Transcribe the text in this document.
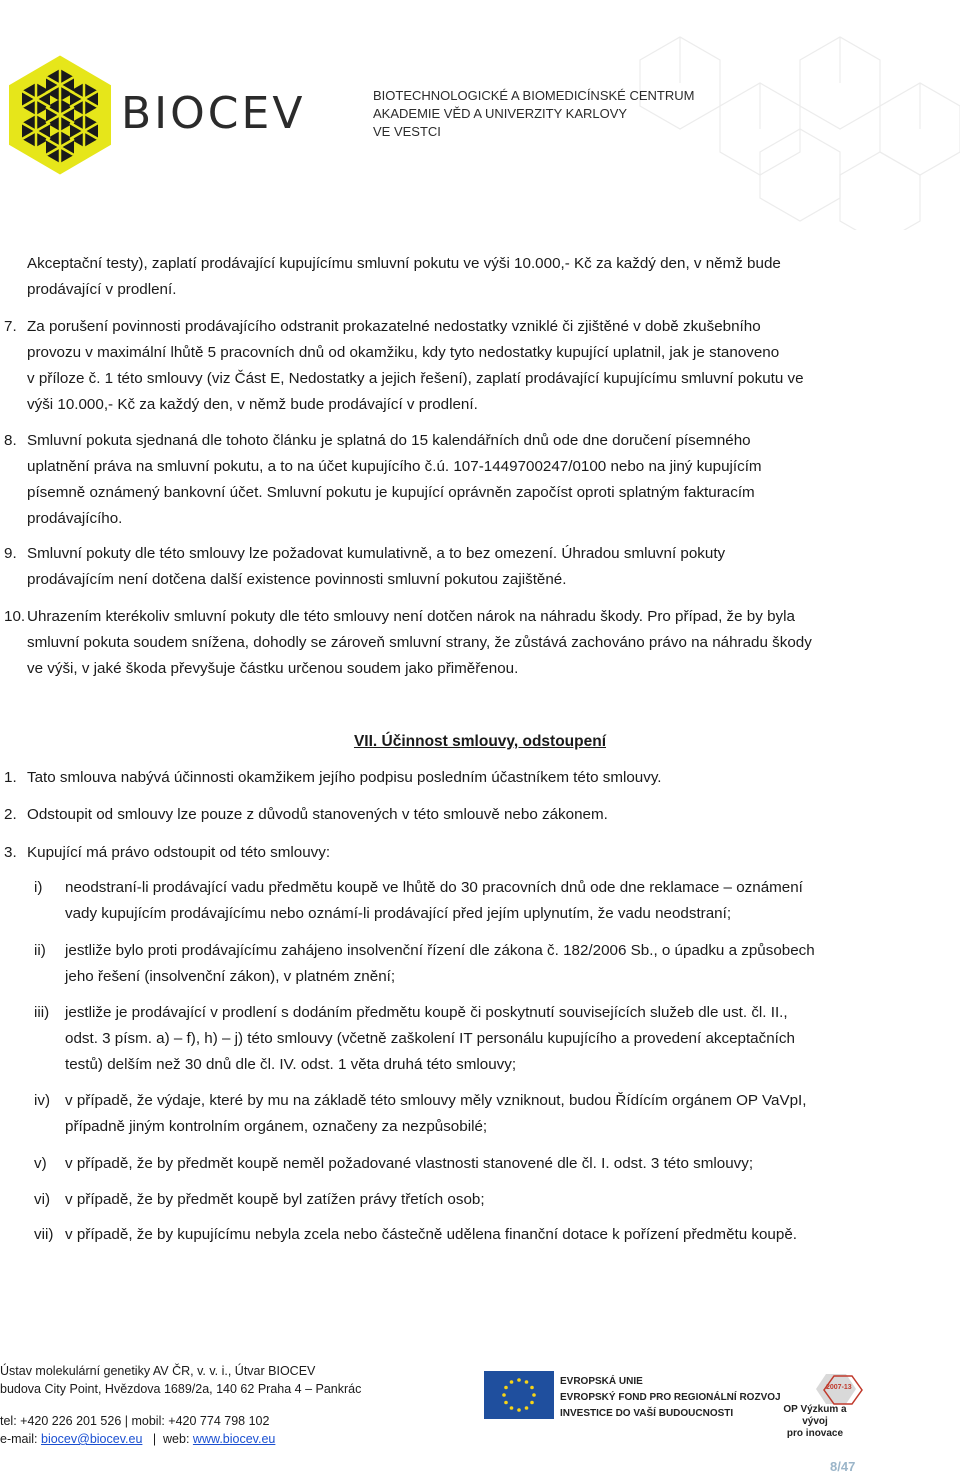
BIOCEV	BIOTECHNOLOGICKÉ A BIOMEDICÍNSKÉ CENTRUM
AKADEMIE VĚD A UNIVERZITY KARLOVY
VE VESTCI
Akceptační testy), zaplatí prodávající kupujícímu smluvní pokutu ve výši 10.000,- Kč za každý den, v němž bude
prodávající v prodlení.
7. Za porušení povinnosti prodávajícího odstranit prokazatelné nedostatky vzniklé či zjištěné v době zkušebního
provozu v maximální lhůtě 5 pracovních dnů od okamžiku, kdy tyto nedostatky kupující uplatnil, jak je stanoveno
v příloze č. 1 této smlouvy (viz Část E, Nedostatky a jejich řešení), zaplatí prodávající kupujícímu smluvní pokutu ve
výši 10.000,- Kč za každý den, v němž bude prodávající v prodlení.
8. Smluvní pokuta sjednaná dle tohoto článku je splatná do 15 kalendářních dnů ode dne doručení písemného
uplatnění práva na smluvní pokutu, a to na účet kupujícího č.ú. 107-1449700247/0100 nebo na jiný kupujícím
písemně oznámený bankovní účet. Smluvní pokutu je kupující oprávněn započíst oproti splatným fakturacím
prodávajícího.
9. Smluvní pokuty dle této smlouvy lze požadovat kumulativně, a to bez omezení. Úhradou smluvní pokuty
prodávajícím není dotčena další existence povinnosti smluvní pokutou zajištěné.
10. Uhrazením kterékoliv smluvní pokuty dle této smlouvy není dotčen nárok na náhradu škody. Pro případ, že by byla
smluvní pokuta soudem snížena, dohodly se zároveň smluvní strany, že zůstává zachováno právo na náhradu škody
ve výši, v jaké škoda převyšuje částku určenou soudem jako přiměřenou.
VII. Účinnost smlouvy, odstoupení
1. Tato smlouva nabývá účinnosti okamžikem jejího podpisu posledním účastníkem této smlouvy.
2. Odstoupit od smlouvy lze pouze z důvodů stanovených v této smlouvě nebo zákonem.
3. Kupující má právo odstoupit od této smlouvy:
i)	neodstraní-li prodávající vadu předmětu koupě ve lhůtě do 30 pracovních dnů ode dne reklamace – oznámení
vady kupujícím prodávajícímu nebo oznámí-li prodávající před jejím uplynutím, že vadu neodstraní;
ii)	jestliže bylo proti prodávajícímu zahájeno insolvenční řízení dle zákona č. 182/2006 Sb., o úpadku a způsobech
jeho řešení (insolvenční zákon), v platném znění;
iii)	jestliže je prodávající v prodlení s dodáním předmětu koupě či poskytnutí souvisejících služeb dle ust. čl. II.,
odst. 3 písm. a) – f), h) – j) této smlouvy (včetně zaškolení IT personálu kupujícího a provedení akceptačních
testů) delším než 30 dnů dle čl. IV. odst. 1 věta druhá této smlouvy;
iv) v případě, že výdaje, které by mu na základě této smlouvy měly vzniknout, budou Řídícím orgánem OP VaVpI,
případně jiným kontrolním orgánem, označeny za nezpůsobilé;
v)	v případě, že by předmět koupě neměl požadované vlastnosti stanovené dle čl. I. odst. 3 této smlouvy;
vi) v případě, že by předmět koupě byl zatížen právy třetích osob;
vii) v případě, že by kupujícímu nebyla zcela nebo částečně udělena finanční dotace k pořízení předmětu koupě.
Ústav molekulární genetiky AV ČR, v. v. i., Útvar BIOCEV
budova City Point, Hvězdova 1689/2a, 140 62 Praha 4 – Pankrác
tel: +420 226 201 526 | mobil: +420 774 798 102
e-mail: biocev@biocev.eu   |  web: www.biocev.eu
EVROPSKÁ UNIE
EVROPSKÝ FOND PRO REGIONÁLNÍ ROZVOJ
INVESTICE DO VAŠÍ BUDOUCNOSTI
2007-13
OP Výzkum a vývoj
pro inovace
8/47
